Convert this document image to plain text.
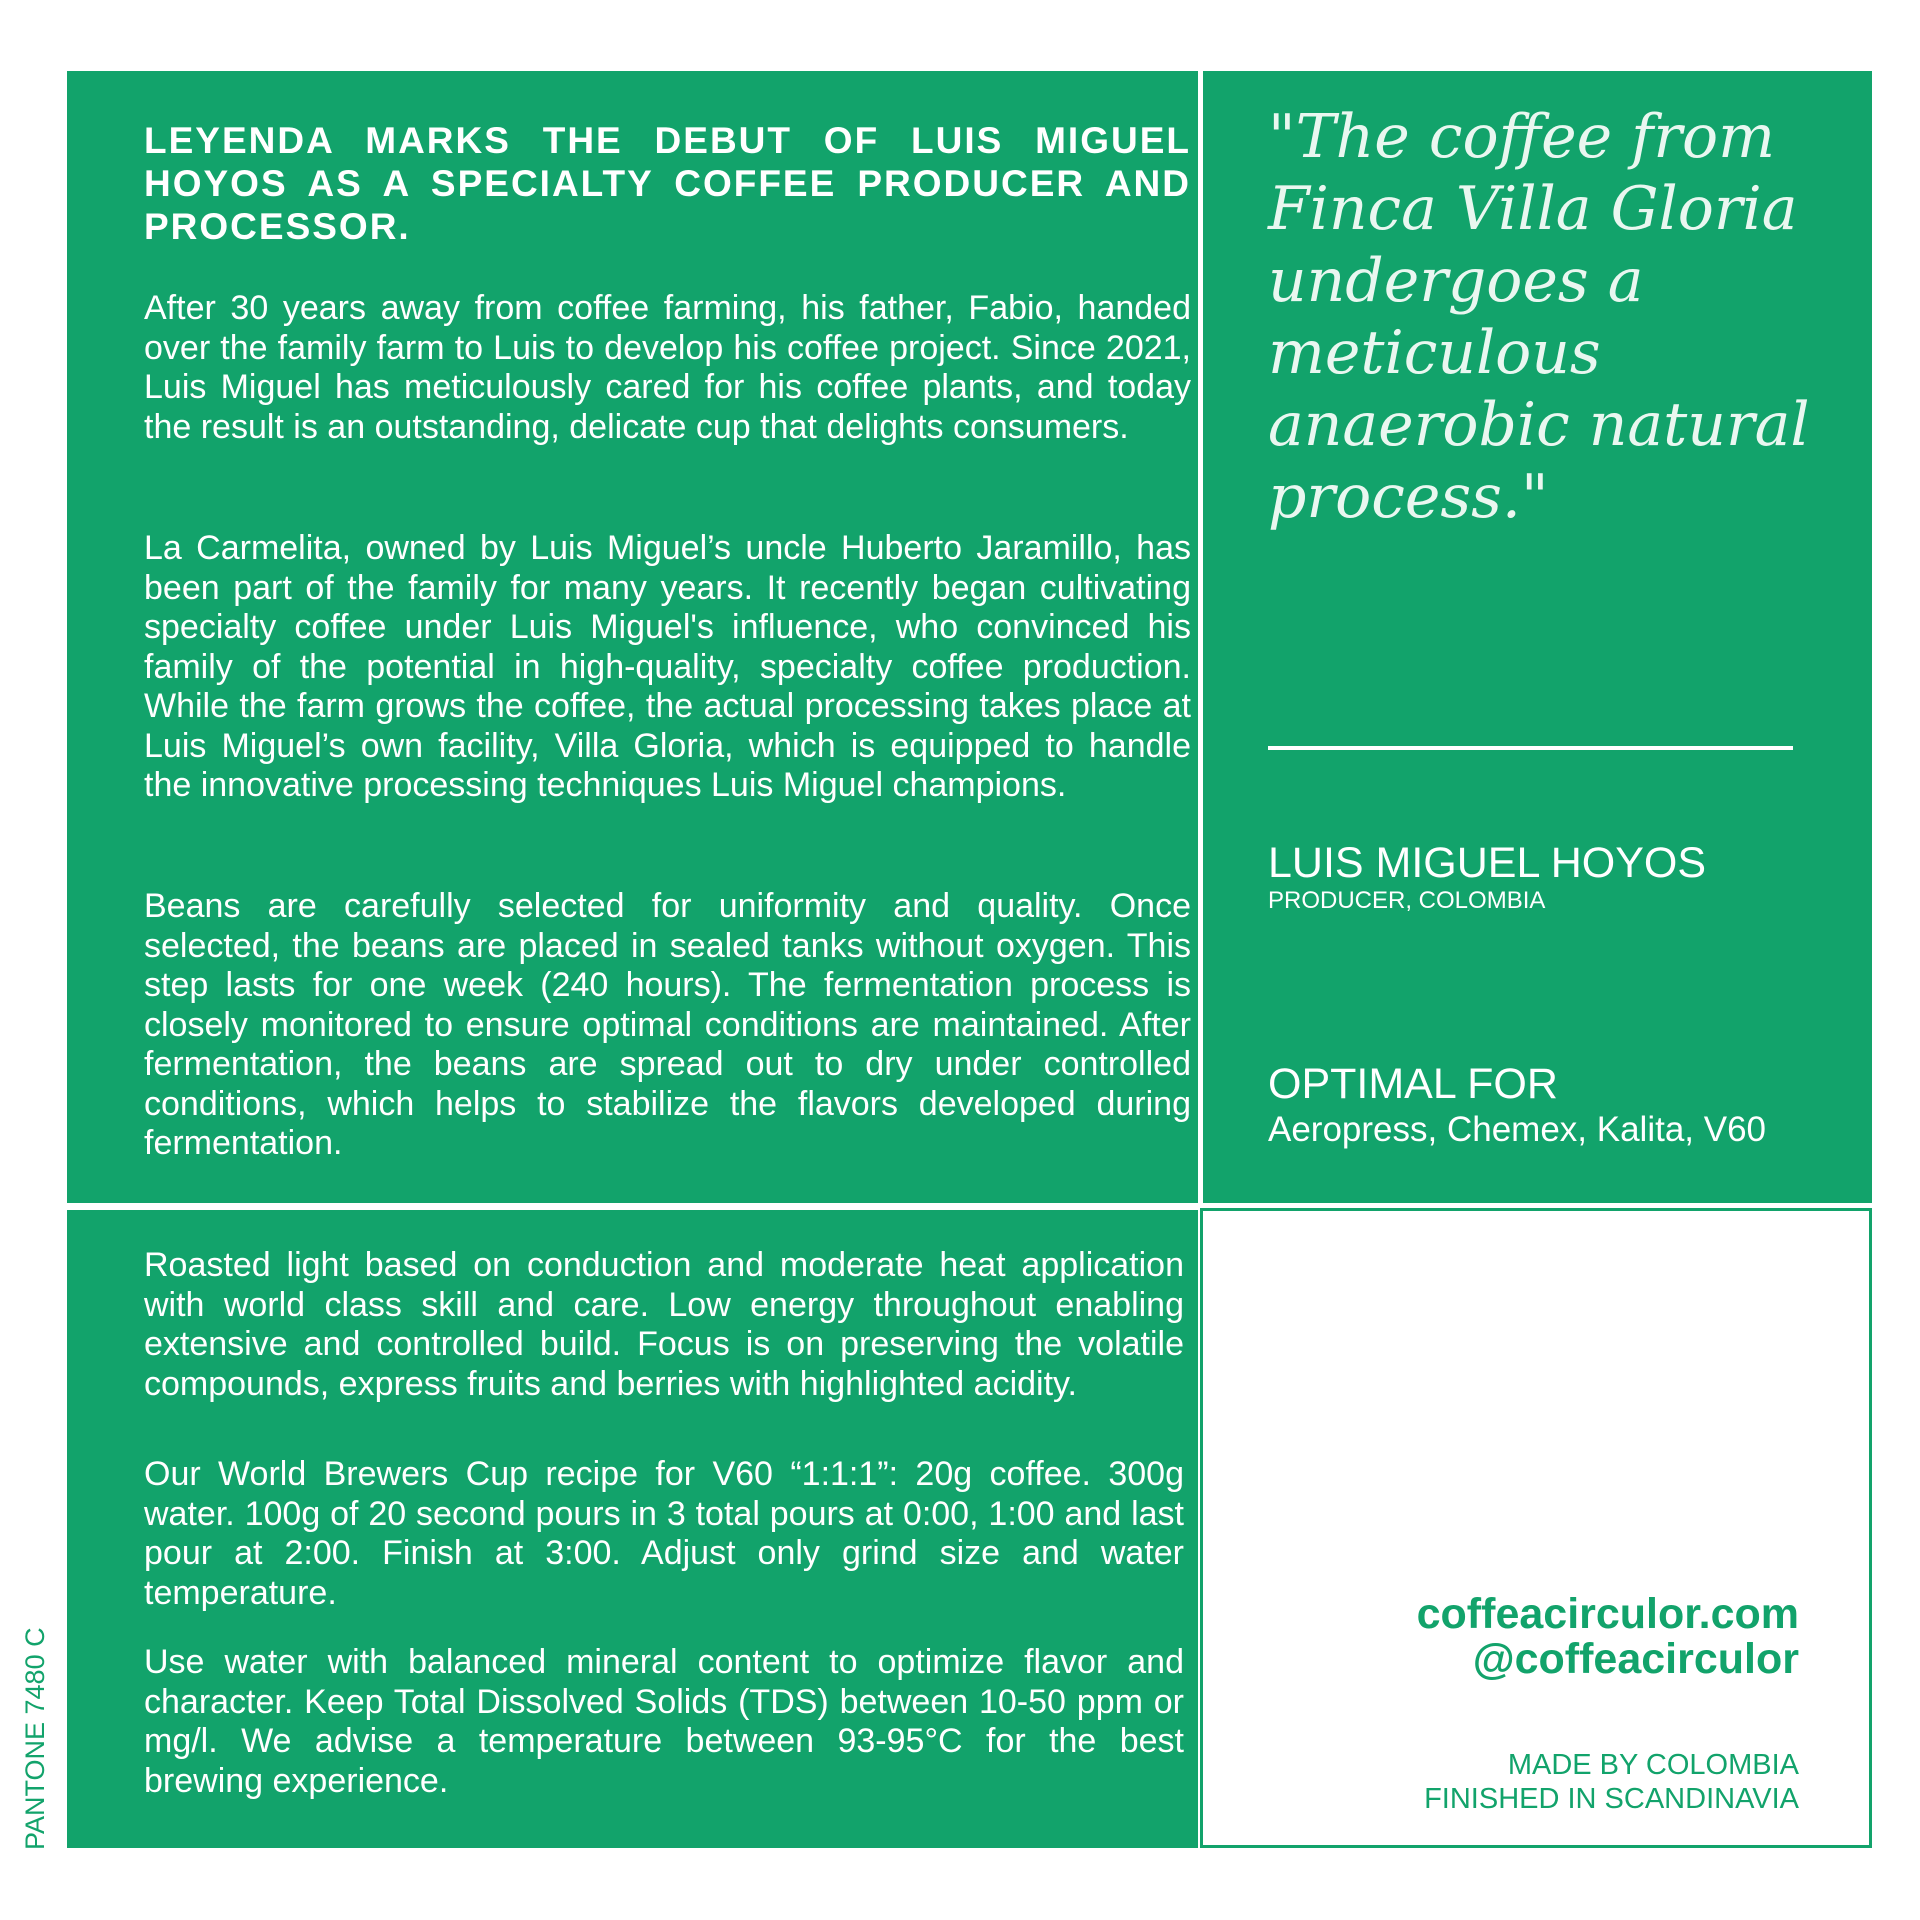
LEYENDA MARKS THE DEBUT OF LUIS MIGUEL HOYOS AS A SPECIALTY COFFEE PRODUCER AND PROCESSOR.

After 30 years away from coffee farming, his father, Fabio, handed over the family farm to Luis to develop his coffee project. Since 2021, Luis Miguel has meticulously cared for his coffee plants, and today the result is an outstanding, delicate cup that delights consumers.

La Carmelita, owned by Luis Miguel’s uncle Huberto Jaramillo, has been part of the family for many years. It recently began cultivating specialty coffee under Luis Miguel's influence, who convinced his family of the potential in high-quality, specialty coffee production. While the farm grows the coffee, the actual processing takes place at Luis Miguel’s own facility, Villa Gloria, which is equipped to handle the innovative processing techniques Luis Miguel champions.

Beans are carefully selected for uniformity and quality. Once selected, the beans are placed in sealed tanks without oxygen. This step lasts for one week (240 hours). The fermentation process is closely monitored to ensure optimal conditions are maintained. After fermentation, the beans are spread out to dry under controlled conditions, which helps to stabilize the flavors developed during fermentation.

"The coffee from Finca Villa Gloria undergoes a meticulous anaerobic natural process."

LUIS MIGUEL HOYOS

PRODUCER, COLOMBIA

OPTIMAL FOR

Aeropress, Chemex, Kalita, V60

Roasted light based on conduction and moderate heat application with world class skill and care. Low energy throughout enabling extensive and controlled build. Focus is on preserving the volatile compounds, express fruits and berries with highlighted acidity.

Our World Brewers Cup recipe for V60 “1:1:1”: 20g coffee. 300g water. 100g of 20 second pours in 3 total pours at 0:00, 1:00 and last pour at 2:00. Finish at 3:00. Adjust only grind size and water temperature.

Use water with balanced mineral content to optimize flavor and character. Keep Total Dissolved Solids (TDS) between 10-50 ppm or mg/l. We advise a temperature between 93-95°C for the best brewing experience.

coffeacirculor.com

@coffeacirculor

MADE BY COLOMBIA

FINISHED IN SCANDINAVIA

PANTONE 7480 C
